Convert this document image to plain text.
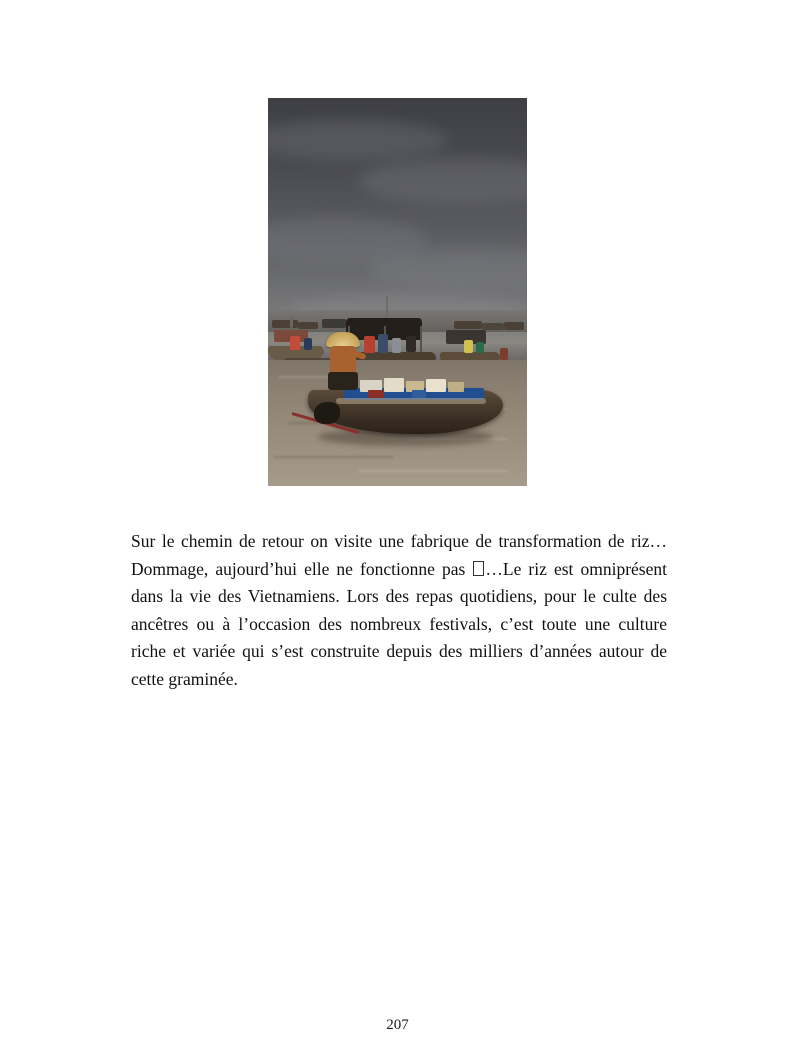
Sur le chemin de retour on visite une fabrique de transformation de riz… Dommage, aujourd’hui elle ne fonctionne pas …Le riz est omniprésent dans la vie des Vietnamiens. Lors des repas quotidiens, pour le culte des ancêtres ou à l’occasion des nombreux festivals, c’est toute une culture riche et variée qui s’est construite depuis des milliers d’années autour de cette graminée.

207
